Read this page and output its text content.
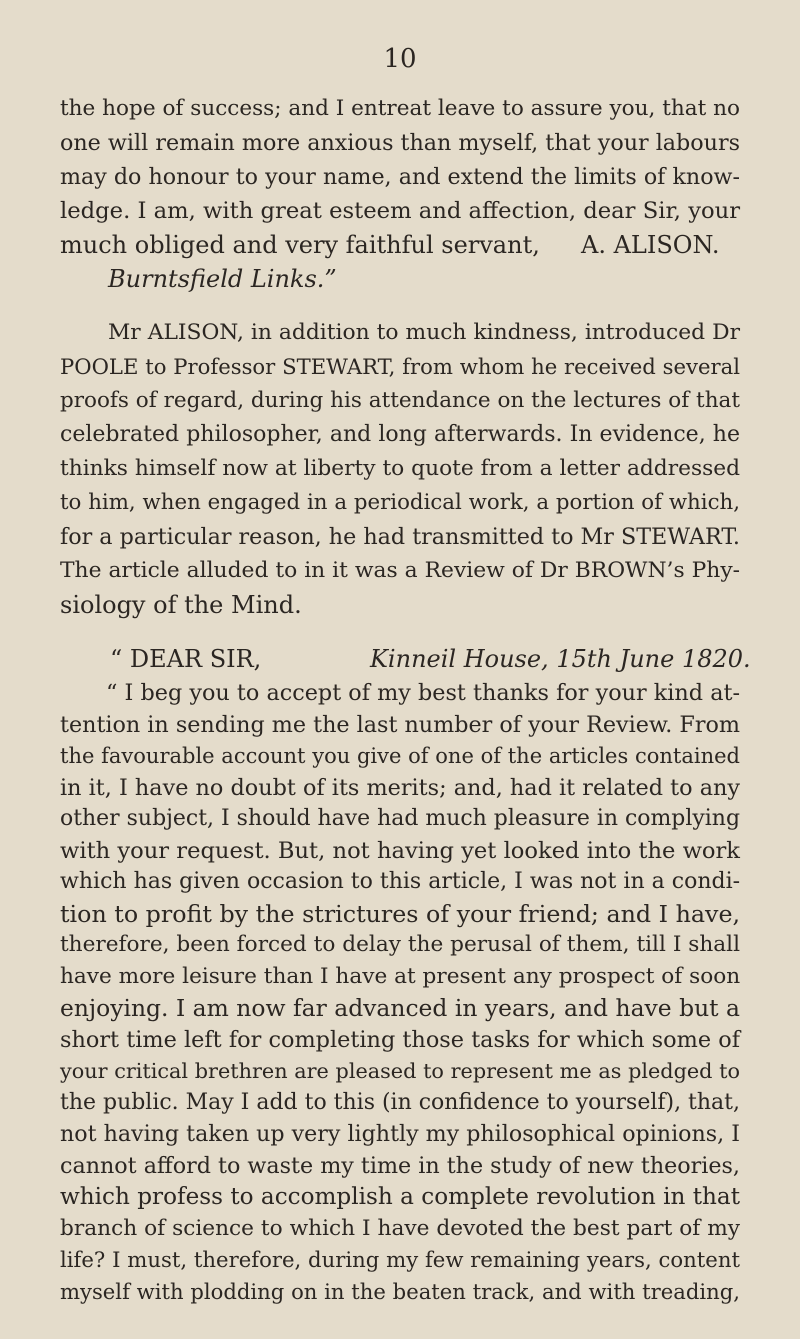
10
the hope of success; and I entreat leave to assure you, that no
one will remain more anxious than myself, that your labours
may do honour to your name, and extend the limits of know-
ledge. I am, with great esteem and affection, dear Sir, your
much obliged and very faithful servant, A. ALISON.
Burntsfield Links.”
Mr ALISON, in addition to much kindness, introduced Dr
POOLE to Professor STEWART, from whom he received several
proofs of regard, during his attendance on the lectures of that
celebrated philosopher, and long afterwards. In evidence, he
thinks himself now at liberty to quote from a letter addressed
to him, when engaged in a periodical work, a portion of which,
for a particular reason, he had transmitted to Mr STEWART.
The article alluded to in it was a Review of Dr BROWN’s Phy-
siology of the Mind.
“ DEAR SIR,	Kinneil House, 15th June 1820.
“ I beg you to accept of my best thanks for your kind at-
tention in sending me the last number of your Review. From
the favourable account you give of one of the articles contained
in it, I have no doubt of its merits; and, had it related to any
other subject, I should have had much pleasure in complying
with your request. But, not having yet looked into the work
which has given occasion to this article, I was not in a condi-
tion to profit by the strictures of your friend; and I have,
therefore, been forced to delay the perusal of them, till I shall
have more leisure than I have at present any prospect of soon
enjoying. I am now far advanced in years, and have but a
short time left for completing those tasks for which some of
your critical brethren are pleased to represent me as pledged to
the public. May I add to this (in confidence to yourself), that,
not having taken up very lightly my philosophical opinions, I
cannot afford to waste my time in the study of new theories,
which profess to accomplish a complete revolution in that
branch of science to which I have devoted the best part of my
life? I must, therefore, during my few remaining years, content
myself with plodding on in the beaten track, and with treading,
